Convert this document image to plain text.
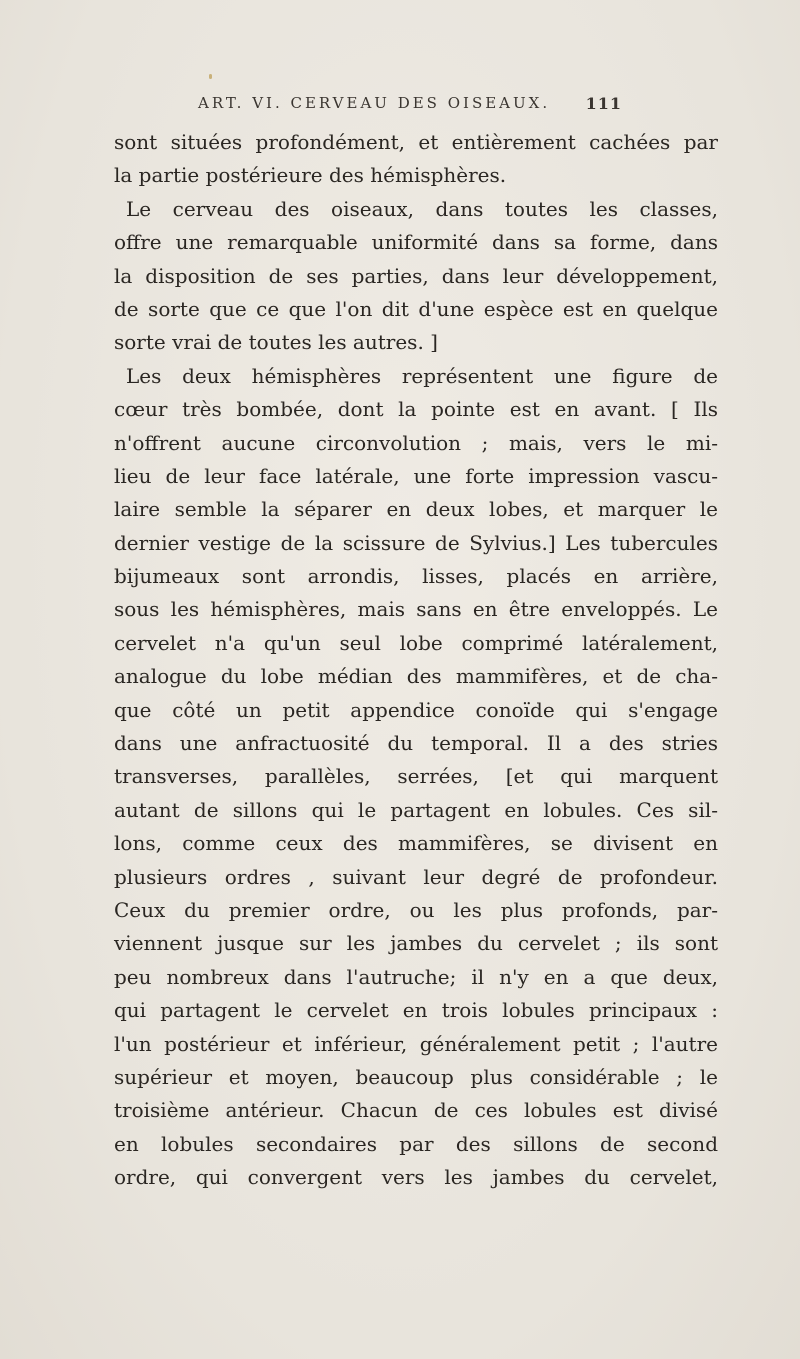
ART. VI. CERVEAU DES OISEAUX. 111
sont situées profondément, et entièrement cachées par
la partie postérieure des hémisphères.
Le cerveau des oiseaux, dans toutes les classes,
offre une remarquable uniformité dans sa forme, dans
la disposition de ses parties, dans leur développement,
de sorte que ce que l'on dit d'une espèce est en quelque
sorte vrai de toutes les autres. ]
Les deux hémisphères représentent une figure de
cœur très bombée, dont la pointe est en avant. [ Ils
n'offrent aucune circonvolution ; mais, vers le mi-
lieu de leur face latérale, une forte impression vascu-
laire semble la séparer en deux lobes, et marquer le
dernier vestige de la scissure de Sylvius.] Les tubercules
bijumeaux sont arrondis, lisses, placés en arrière,
sous les hémisphères, mais sans en être enveloppés. Le
cervelet n'a qu'un seul lobe comprimé latéralement,
analogue du lobe médian des mammifères, et de cha-
que côté un petit appendice conoïde qui s'engage
dans une anfractuosité du temporal. Il a des stries
transverses, parallèles, serrées, [et qui marquent
autant de sillons qui le partagent en lobules. Ces sil-
lons, comme ceux des mammifères, se divisent en
plusieurs ordres , suivant leur degré de profondeur.
Ceux du premier ordre, ou les plus profonds, par-
viennent jusque sur les jambes du cervelet ; ils sont
peu nombreux dans l'autruche; il n'y en a que deux,
qui partagent le cervelet en trois lobules principaux :
l'un postérieur et inférieur, généralement petit ; l'autre
supérieur et moyen, beaucoup plus considérable ; le
troisième antérieur. Chacun de ces lobules est divisé
en lobules secondaires par des sillons de second
ordre, qui convergent vers les jambes du cervelet,
